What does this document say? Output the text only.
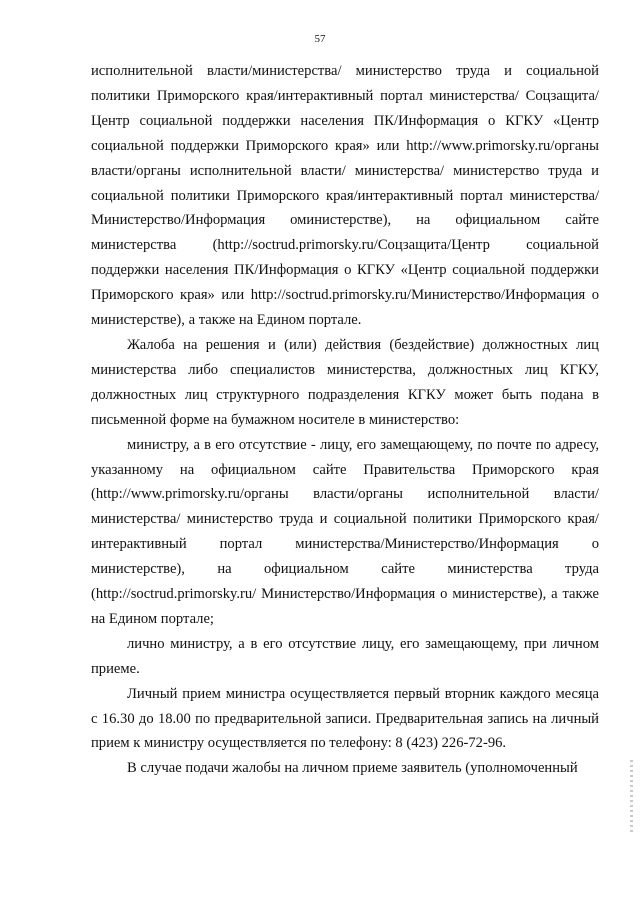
57

исполнительной власти/министерства/ министерство труда и социальной политики Приморского края/интерактивный портал министерства/ Соцзащита/Центр социальной поддержки населения ПК/Информация о КГКУ «Центр социальной поддержки Приморского края» или http://www.primorsky.ru/органы власти/органы исполнительной власти/ министерства/ министерство труда и социальной политики Приморского края/интерактивный портал министерства/Министерство/Информация оминистерстве), на официальном сайте министерства (http://soctrud.primorsky.ru/Соцзащита/Центр социальной поддержки населения ПК/Информация о КГКУ «Центр социальной поддержки Приморского края» или http://soctrud.primorsky.ru/Министерство/Информация о министерстве), а также на Едином портале.

Жалоба на решения и (или) действия (бездействие) должностных лиц министерства либо специалистов министерства, должностных лиц КГКУ, должностных лиц структурного подразделения КГКУ может быть подана в письменной форме на бумажном носителе в министерство:

министру, а в его отсутствие - лицу, его замещающему, по почте по адресу, указанному на официальном сайте Правительства Приморского края (http://www.primorsky.ru/органы власти/органы исполнительной власти/ министерства/ министерство труда и социальной политики Приморского края/интерактивный портал министерства/Министерство/Информация о министерстве), на официальном сайте министерства труда (http://soctrud.primorsky.ru/ Министерство/Информация о министерстве), а также на Едином портале;

лично министру, а в его отсутствие лицу, его замещающему, при личном приеме.

Личный прием министра осуществляется первый вторник каждого месяца с 16.30 до 18.00 по предварительной записи. Предварительная запись на личный прием к министру осуществляется по телефону: 8 (423) 226-72-96.

В случае подачи жалобы на личном приеме заявитель (уполномоченный
